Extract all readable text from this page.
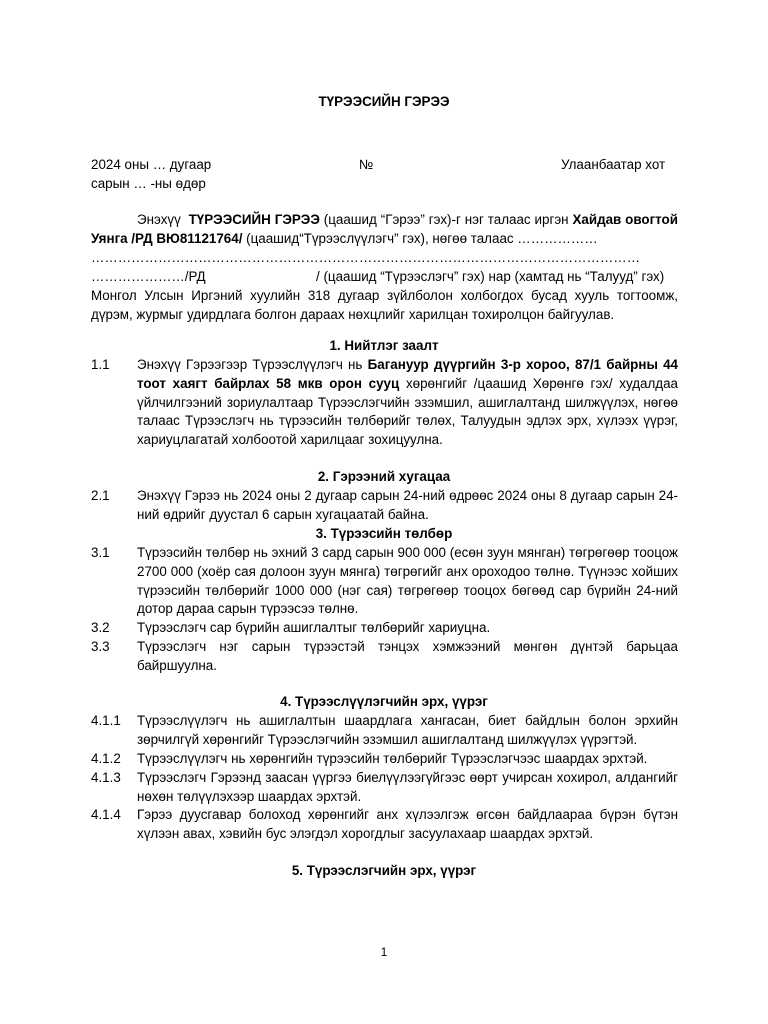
ТҮРЭЭСИЙН ГЭРЭЭ
2024 оны … дугаар
сарын … -ны өдөр
№	Улаанбаатар хот
Энэхүү ТҮРЭЭСИЙН ГЭРЭЭ (цаашид “Гэрээ” гэх)-г нэг талаас иргэн Хайдав овогтой Уянга /РД ВЮ81121764/ (цаашид“Түрээслүүлэгч” гэх), нөгөө талаас ………………
……………………………………………………………………………………………………………
…………………/РД	/ (цаашид “Түрээслэгч” гэх) нар (хамтад нь “Талууд” гэх)
Монгол Улсын Иргэний хуулийн 318 дугаар зүйлболон холбогдох бусад хууль тогтоомж, дүрэм, журмыг удирдлага болгон дараах нөхцлийг харилцан тохиролцон байгуулав.
1. Нийтлэг заалт
1.1 Энэхүү Гэрээгээр Түрээслүүлэгч нь Багануур дүүргийн 3-р хороо, 87/1 байрны 44 тоот хаягт байрлах 58 мкв орон сууц хөрөнгийг /цаашид Хөрөнгө гэх/ худалдаа үйлчилгээний зориулалтаар Түрээслэгчийн эзэмшил, ашиглалтанд шилжүүлэх, нөгөө талаас Түрээслэгч нь түрээсийн төлбөрийг төлөх, Талуудын эдлэх эрх, хүлээх үүрэг, хариуцлагатай холбоотой харилцааг зохицуулна.
2. Гэрээний хугацаа
2.1 Энэхүү Гэрээ нь 2024 оны 2 дугаар сарын 24-ний өдрөөс 2024 оны 8 дугаар сарын 24-ний өдрийг дуустал 6 сарын хугацаатай байна.
3. Түрээсийн төлбөр
3.1 Түрээсийн төлбөр нь эхний 3 сард сарын 900 000 (есөн зуун мянган) төгрөгөөр тооцож 2700 000 (хоёр сая долоон зуун мянга) төгрөгийг анх ороходоо төлнө. Түүнээс хойших түрээсийн төлбөрийг 1000 000 (нэг сая) төгрөгөөр тооцох бөгөөд сар бүрийн 24-ний дотор дараа сарын түрээсээ төлнө.
3.2 Түрээслэгч сар бүрийн ашиглалтыг төлбөрийг хариуцна.
3.3 Түрээслэгч нэг сарын түрээстэй тэнцэх хэмжээний мөнгөн дүнтэй барьцаа байршуулна.
4. Түрээслүүлэгчийн эрх, үүрэг
4.1.1 Түрээслүүлэгч нь ашиглалтын шаардлага хангасан, биет байдлын болон эрхийн зөрчилгүй хөрөнгийг Түрээслэгчийн эзэмшил ашиглалтанд шилжүүлэх үүрэгтэй.
4.1.2 Түрээслүүлэгч нь хөрөнгийн түрээсийн төлбөрийг Түрээслэгчээс шаардах эрхтэй.
4.1.3 Түрээслэгч Гэрээнд заасан үүргээ биелүүлээгүйгээс өөрт учирсан хохирол, алдангийг нөхөн төлүүлэхээр шаардах эрхтэй.
4.1.4 Гэрээ дуусгавар болоход хөрөнгийг анх хүлээлгэж өгсөн байдлаараа бүрэн бүтэн хүлээн авах, хэвийн бус элэгдэл хорогдлыг засуулахаар шаардах эрхтэй.
5. Түрээслэгчийн эрх, үүрэг
1
